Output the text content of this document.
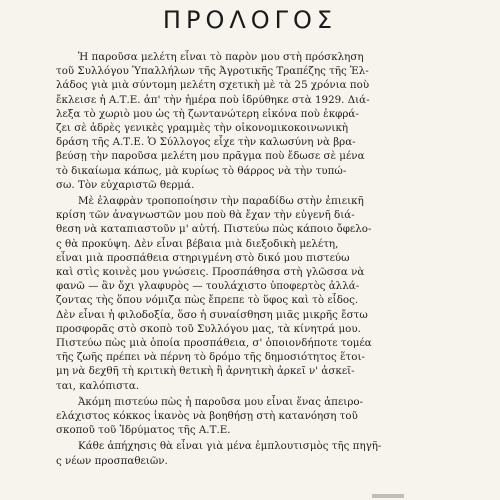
ΠΡΟΛΟΓΟΣ
Ἡ παροῦσα μελέτη εἶναι τὸ παρὸν μου στὴ πρόσκληση
τοῦ Συλλόγου Ὑπαλλήλων τῆς Ἀγροτικῆς Τραπέζης τῆς Ἑλ-
λάδος γιὰ μιὰ σύντομη μελέτη σχετικὴ μὲ τὰ 25 χρόνια ποὺ
ἔκλεισε ἡ Α.Τ.Ε. ἀπ' τὴν ἡμέρα ποὺ ἱδρύθηκε στὰ 1929. Διά-
λεξα τὸ χωριὸ μου ὡς τὴ ζωντανώτερη εἰκόνα ποὺ ἐκφρά-
ζει σὲ ἀδρὲς γενικὲς γραμμὲς τὴν οἰκονομικοκοινωνικὴ
δράση τῆς Α.Τ.Ε. Ὁ Σύλλογος εἶχε τὴν καλωσύνη νὰ βρα-
βεύσῃ τὴν παροῦσα μελέτη μου πρᾶγμα ποὺ ἔδωσε σὲ μένα
τὸ δικαίωμα κάπως, μὰ κυρίως τὸ θάρρος νὰ τὴν τυπώ-
σω. Τὸν εὐχαριστῶ θερμά.
Μὲ ἐλαφρὰν τροποποίησιν τὴν παραδίδω στὴν ἐπιεικῆ
κρίση τῶν ἀναγνωστῶν μου ποὺ θὰ ἔχαν τὴν εὐγενῆ διά-
θεση νὰ καταπιαστοῦν μ' αὐτή. Πιστεύω πὼς κάποιο ὄφελο-
ς θὰ προκύψη. Δὲν εἶναι βέβαια μιὰ διεξοδικὴ μελέτη,
εἶναι μιὰ προσπάθεια στηριγμένη στὸ δικό μου πιστεύω
καὶ στὶς κοινὲς μου γνώσεις. Προσπάθησα στὴ γλῶσσα νὰ
φανῶ — ἂν ὄχι γλαφυρὸς — τουλάχιστο ὑποφερτὸς ἀλλά-
ζοντας τὴς ὅπου νόμιζα πὼς ἔπρεπε τὸ ὕφος καὶ τὸ εἶδος.
Δὲν εἶναι ἡ φιλοδοξία, ὅσο ἡ συναίσθηση μιᾶς μικρῆς ἔστω
προσφορᾶς στὸ σκοπὸ τοῦ Συλλόγου μας, τὰ κίνητρά μου.
Πιστεύω πὼς μιὰ ὁποία προσπάθεια, σ' ὁποιονδήποτε τομέα
τῆς ζωῆς πρέπει νὰ πέρνη τὸ δρόμο τῆς δημοσιότητος ἕτοι-
μη νὰ δεχθῆ τὴ κριτικὴ θετικὴ ἢ ἀρνητικὴ ἀρκεῖ ν' ἀσκεῖ-
ται, καλόπιστα.
Ἀκόμη πιστεύω πὼς ἡ παροῦσα μου εἶναι ἕνας ἀπειρο-
ελάχιστος κόκκος ἱκανὸς νὰ βοηθήσῃ στὴ κατανόηση τοῦ
σκοποῦ τοῦ Ἱδρύματος τῆς Α.Τ.Ε.
Κάθε ἀπήχησις θὰ εἶναι γιὰ μένα ἐμπλουτισμὸς τῆς πηγῆ-
ς νέων προσπαθειῶν.
